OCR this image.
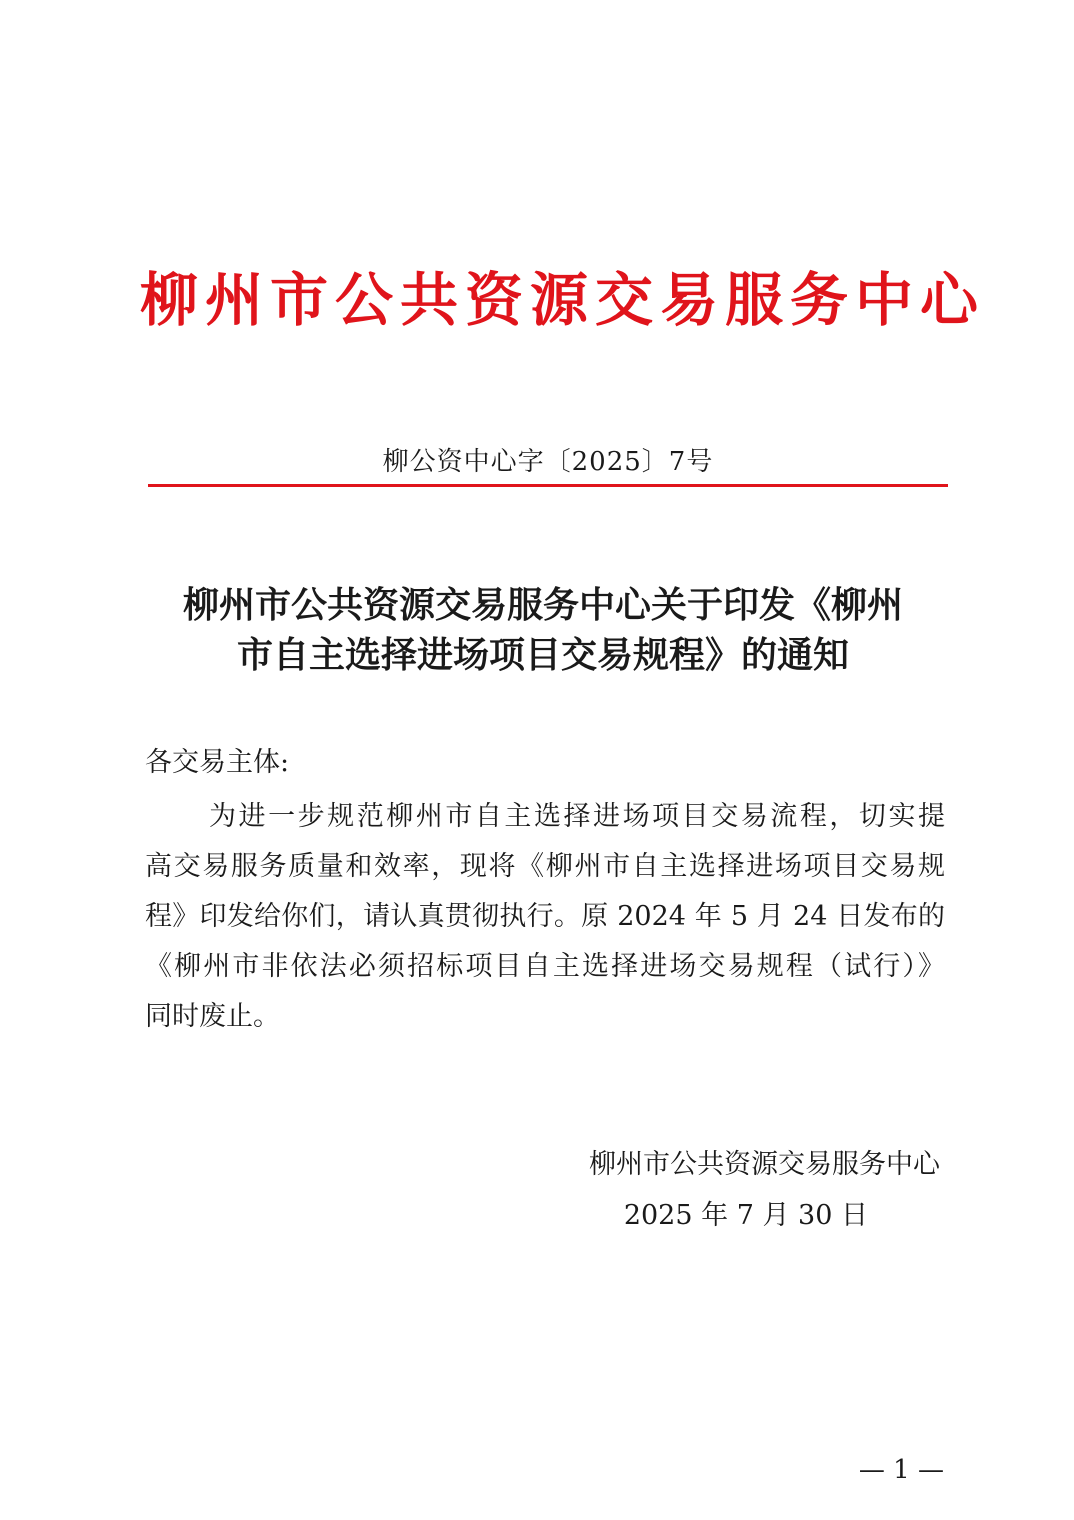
柳州市公共资源交易服务中心
柳公资中心字〔2025〕7号
柳州市公共资源交易服务中心关于印发《柳州
市自主选择进场项目交易规程》的通知
各交易主体:
为进一步规范柳州市自主选择进场项目交易流程，切实提
高交易服务质量和效率，现将《柳州市自主选择进场项目交易规
程》印发给你们，请认真贯彻执行。原 2024 年 5 月 24 日发布的
《柳州市非依法必须招标项目自主选择进场交易规程（试行）》
同时废止。
柳州市公共资源交易服务中心
2025 年 7 月 30 日
— 1 —
